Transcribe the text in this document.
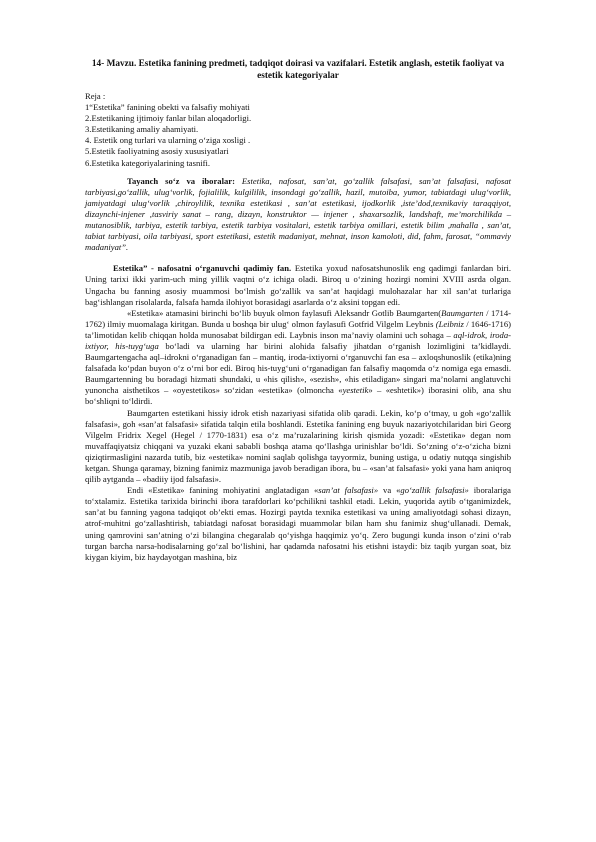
14- Mavzu. Estetika fanining predmeti, tadqiqot doirasi va vazifalari. Estetik anglash, estetik faoliyat va estetik kategoriyalar
Reja :
1“Estetika” fanining obekti va falsafiy mohiyati
2.Estetikaning ijtimoiy fanlar bilan aloqadorligi.
3.Estetikaning amaliy ahamiyati.
4. Estetik ong turlari va ularning o‘ziga xosligi .
5.Estetik faoliyatning asosiy xususiyatlari
6.Estetika kategoriyalarining tasnifi.
Tayanch so‘z va iboralar: Estetika, nafosat, san’at, go‘zallik falsafasi, san’at falsafasi, nafosat tarbiyasi,go‘zallik, ulug‘vorlik, fojialilik, kulgililik, insondagi go‘zallik, hazil, mutoiba, yumor, tabiatdagi ulug‘vorlik, jamiyatdagi ulug‘vorlik ,chiroylilik, texnika estetikasi , san’at estetikasi, ijodkorlik ,iste’dod,texnikaviy taraqqiyot, dizaynchi-injener ,tasviriy sanat – rang, dizayn, konstruktor — injener , shaxarsozlik, landshaft, me’morchilikda – mutanosiblik, tarbiya, estetik tarbiya, estetik tarbiya vositalari, estetik tarbiya omillari, estetik bilim ,mahalla , san’at, tabiat tarbiyasi, oila tarbiyasi, sport estetikasi, estetik madaniyat, mehnat, inson kamoloti, did, fahm, farosat, “ommaviy madaniyat”.
Estetika” - nafosatni o‘rganuvchi qadimiy fan. Estetika yoxud nafosatshunoslik eng qadimgi fanlardan biri. Uning tarixi ikki yarim-uch ming yillik vaqtni o‘z ichiga oladi. Biroq u o‘zining hozirgi nomini XVIII asrda olgan. Ungacha bu fanning asosiy muammosi bo‘lmish go‘zallik va san’at haqidagi mulohazalar har xil san’at turlariga bag‘ishlangan risolalarda, falsafa hamda ilohiyot borasidagi asarlarda o‘z aksini topgan edi.
«Estetika» atamasini birinchi bo‘lib buyuk olmon faylasufi Aleksandr Gotlib Baumgarten(Baumgarten / 1714-1762) ilmiy muomalaga kiritgan. Bunda u boshqa bir ulug‘ olmon faylasufi Gotfrid Vilgelm Leybnis (Leibniz / 1646-1716) ta’limotidan kelib chiqqan holda munosabat bildirgan edi. Laybnis inson ma’naviy olamini uch sohaga – aql-idrok, iroda-ixtiyor, his-tuyg‘uga bo‘ladi va ularning har birini alohida falsafiy jihatdan o‘rganish lozimligini ta’kidlaydi. Baumgartengacha aql–idrokni o‘rganadigan fan – mantiq, iroda-ixtiyorni o‘rganuvchi fan esa – axloqshunoslik (etika)ning falsafada ko‘pdan buyon o‘z o‘rni bor edi. Biroq his-tuyg‘uni o‘rganadigan fan falsafiy maqomda o‘z nomiga ega emasdi. Baumgartenning bu boradagi hizmati shundaki, u «his qilish», «sezish», «his etiladigan» singari ma’nolarni anglatuvchi yunoncha aisthetikos – «oyestetikos» so‘zidan «estetika» (olmoncha «yestetik» – «eshtetik») iborasini olib, ana shu bo‘shliqni to‘ldirdi.
Baumgarten estetikani hissiy idrok etish nazariyasi sifatida olib qaradi. Lekin, ko‘p o‘tmay, u goh «go‘zallik falsafasi», goh «san’at falsafasi» sifatida talqin etila boshlandi. Estetika fanining eng buyuk nazariyotchilaridan biri Georg Vilgelm Fridrix Xegel (Hegel / 1770-1831) esa o‘z ma’ruzalarining kirish qismida yozadi: «Estetika» degan nom muvaffaqiyatsiz chiqqani va yuzaki ekani sababli boshqa atama qo‘llashga urinishlar bo‘ldi. So‘zning o‘z-o‘zicha bizni qiziqtirmasligini nazarda tutib, biz «estetika» nomini saqlab qolishga tayyormiz, buning ustiga, u odatiy nutqqa singishib ketgan. Shunga qaramay, bizning fanimiz mazmuniga javob beradigan ibora, bu – «san’at falsafasi» yoki yana ham aniqroq qilib aytganda – «badiiy ijod falsafasi».
Endi «Estetika» fanining mohiyatini anglatadigan «san’at falsafasi» va «go‘zallik falsafasi» iboralariga to‘xtalamiz. Estetika tarixida birinchi ibora tarafdorlari ko‘pchilikni tashkil etadi. Lekin, yuqorida aytib o‘tganimizdek, san’at bu fanning yagona tadqiqot ob’ekti emas. Hozirgi paytda texnika estetikasi va uning amaliyotdagi sohasi dizayn, atrof-muhitni go‘zallashtirish, tabiatdagi nafosat borasidagi muammolar bilan ham shu fanimiz shug‘ullanadi. Demak, uning qamrovini san’atning o‘zi bilangina chegaralab qo‘yishga haqqimiz yo‘q. Zero bugungi kunda inson o‘zini o‘rab turgan barcha narsa-hodisalarning go‘zal bo‘lishini, har qadamda nafosatni his etishni istaydi: biz taqib yurgan soat, biz kiygan kiyim, biz haydayotgan mashina, biz
